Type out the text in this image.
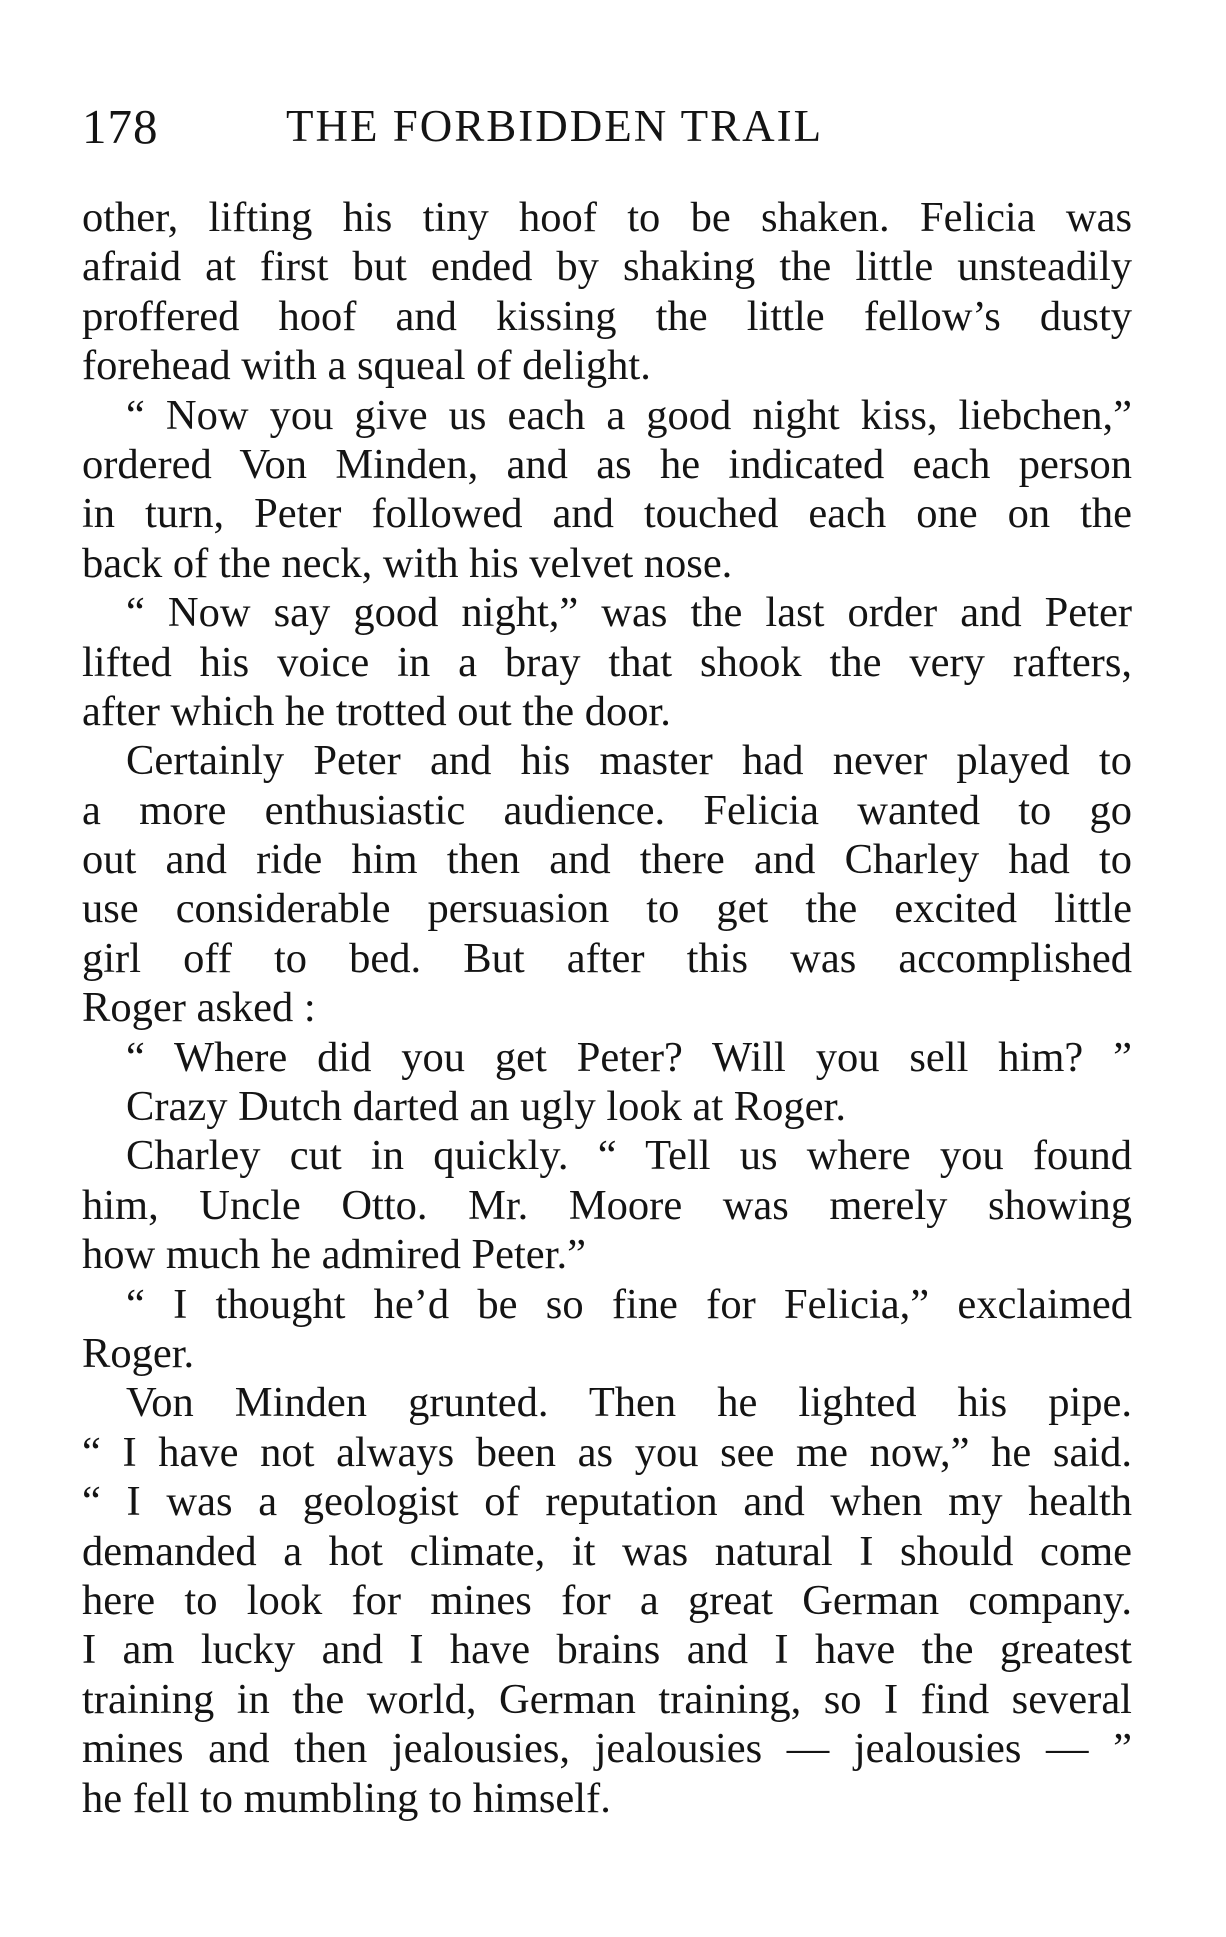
178	THE FORBIDDEN TRAIL
other, lifting his tiny hoof to be shaken. Felicia was
afraid at first but ended by shaking the little unsteadily
proffered hoof and kissing the little fellow’s dusty
forehead with a squeal of delight.
“ Now you give us each a good night kiss, liebchen,”
ordered Von Minden, and as he indicated each person
in turn, Peter followed and touched each one on the
back of the neck, with his velvet nose.
“ Now say good night,” was the last order and Peter
lifted his voice in a bray that shook the very rafters,
after which he trotted out the door.
Certainly Peter and his master had never played to
a more enthusiastic audience. Felicia wanted to go
out and ride him then and there and Charley had to
use considerable persuasion to get the excited little
girl off to bed. But after this was accomplished
Roger asked :
“ Where did you get Peter? Will you sell him? ”
Crazy Dutch darted an ugly look at Roger.
Charley cut in quickly. “ Tell us where you found
him, Uncle Otto. Mr. Moore was merely showing
how much he admired Peter.”
“ I thought he’d be so fine for Felicia,” exclaimed
Roger.
Von Minden grunted. Then he lighted his pipe.
“ I have not always been as you see me now,” he said.
“ I was a geologist of reputation and when my health
demanded a hot climate, it was natural I should come
here to look for mines for a great German company.
I am lucky and I have brains and I have the greatest
training in the world, German training, so I find several
mines and then jealousies, jealousies — jealousies — ”
he fell to mumbling to himself.
